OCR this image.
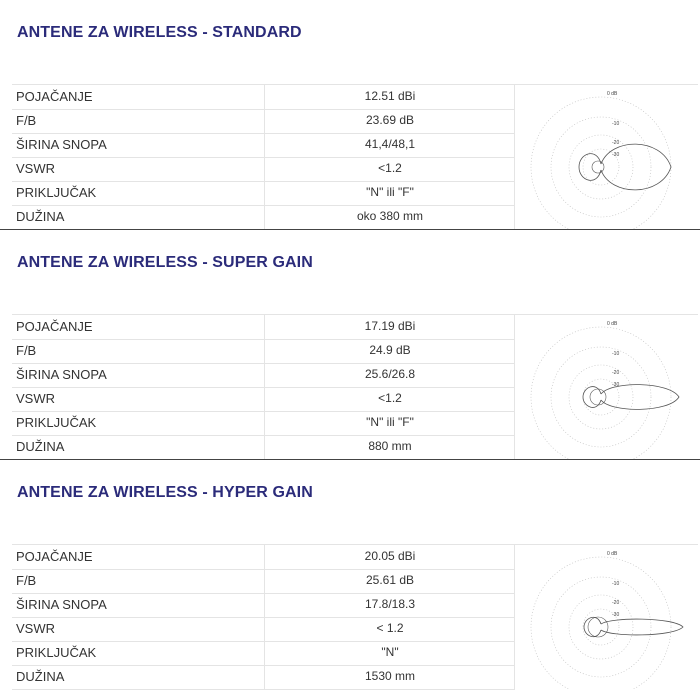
ANTENE ZA WIRELESS - STANDARD
POJAČANJE	12.51 dBi
F/B	23.69 dB
ŠIRINA SNOPA	41,4/48,1
VSWR	<1.2
PRIKLJUČAK	"N" ili "F"
DUŽINA	oko 380 mm
0 dB
-10
-20
-30
ANTENE ZA WIRELESS - SUPER GAIN
POJAČANJE	17.19 dBi
F/B	24.9 dB
ŠIRINA SNOPA	25.6/26.8
VSWR	<1.2
PRIKLJUČAK	"N" ili "F"
DUŽINA	880 mm
0 dB
-10
-20
-30
ANTENE ZA WIRELESS - HYPER GAIN
POJAČANJE	20.05 dBi
F/B	25.61 dB
ŠIRINA SNOPA	17.8/18.3
VSWR	< 1.2
PRIKLJUČAK	"N"
DUŽINA	1530 mm
0 dB
-10
-20
-30
